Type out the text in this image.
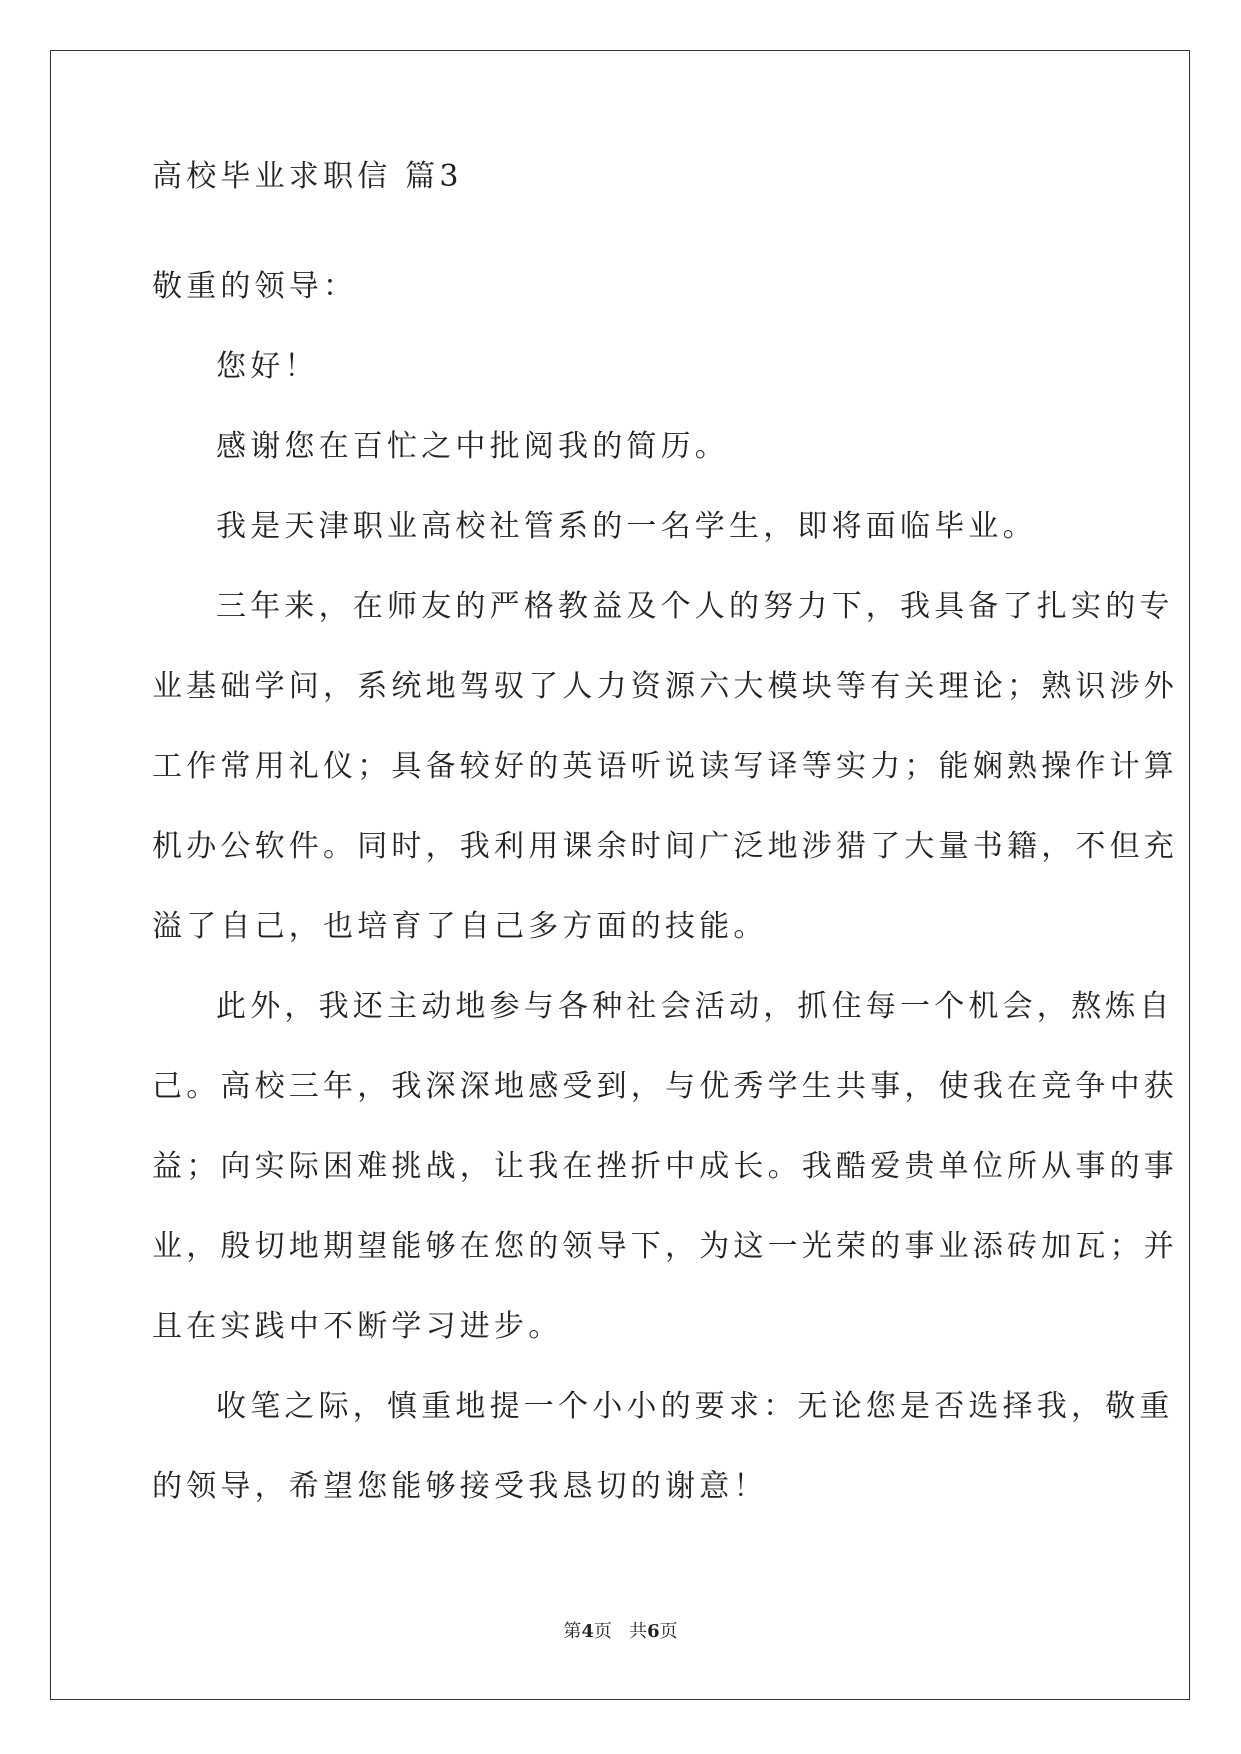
高校毕业求职信 篇3
敬重的领导：
您好！
感谢您在百忙之中批阅我的简历。
我是天津职业高校社管系的一名学生，即将面临毕业。
三年来，在师友的严格教益及个人的努力下，我具备了扎实的专
业基础学问，系统地驾驭了人力资源六大模块等有关理论；熟识涉外
工作常用礼仪；具备较好的英语听说读写译等实力；能娴熟操作计算
机办公软件。同时，我利用课余时间广泛地涉猎了大量书籍，不但充
溢了自己，也培育了自己多方面的技能。
此外，我还主动地参与各种社会活动，抓住每一个机会，熬炼自
己。高校三年，我深深地感受到，与优秀学生共事，使我在竞争中获
益；向实际困难挑战，让我在挫折中成长。我酷爱贵单位所从事的事
业，殷切地期望能够在您的领导下，为这一光荣的事业添砖加瓦；并
且在实践中不断学习进步。
收笔之际，慎重地提一个小小的要求：无论您是否选择我，敬重
的领导，希望您能够接受我恳切的谢意！
第4页 共6页
